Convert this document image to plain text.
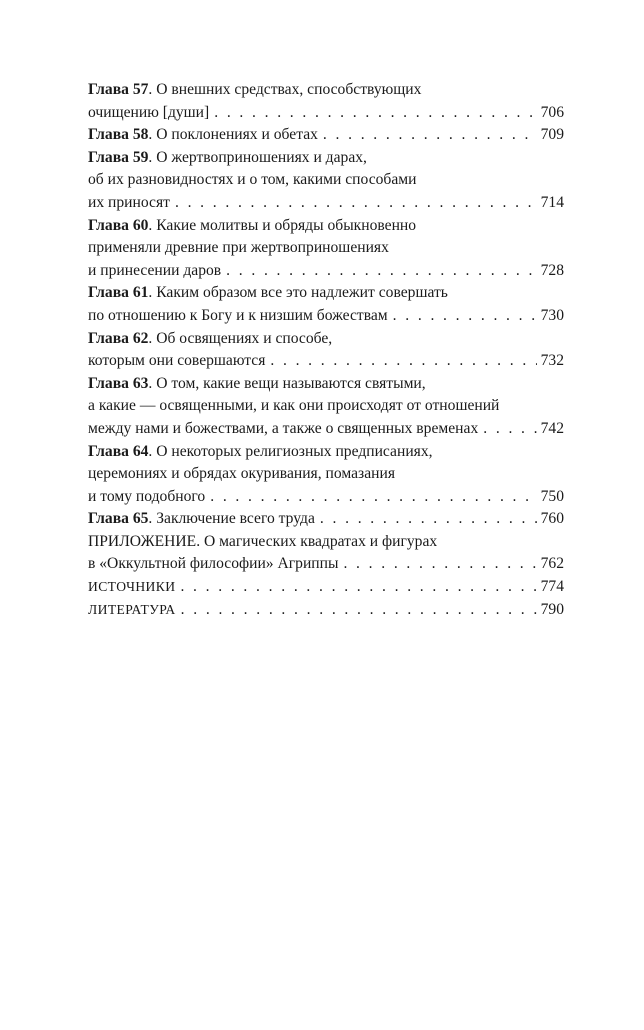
Глава 57. О внешних средствах, способствующих
очищению [души] . . .	706
Глава 58. О поклонениях и обетах . . .	709
Глава 59. О жертвоприношениях и дарах,
об их разновидностях и о том, какими способами
их приносят . . .	714
Глава 60. Какие молитвы и обряды обыкновенно
применяли древние при жертвоприношениях
и принесении даров . . .	728
Глава 61. Каким образом все это надлежит совершать
по отношению к Богу и к низшим божествам . . .	730
Глава 62. Об освящениях и способе,
которым они совершаются . . .	732
Глава 63. О том, какие вещи называются святыми,
а какие — освященными, и как они происходят от отношений
между нами и божествами, а также о священных временах . . .	742
Глава 64. О некоторых религиозных предписаниях,
церемониях и обрядах окуривания, помазания
и тому подобного . . .	750
Глава 65. Заключение всего труда . . .	760
ПРИЛОЖЕНИЕ. О магических квадратах и фигурах
в «Оккультной философии» Агриппы . . .	762
ИСТОЧНИКИ . . .	774
ЛИТЕРАТУРА . . .	790
